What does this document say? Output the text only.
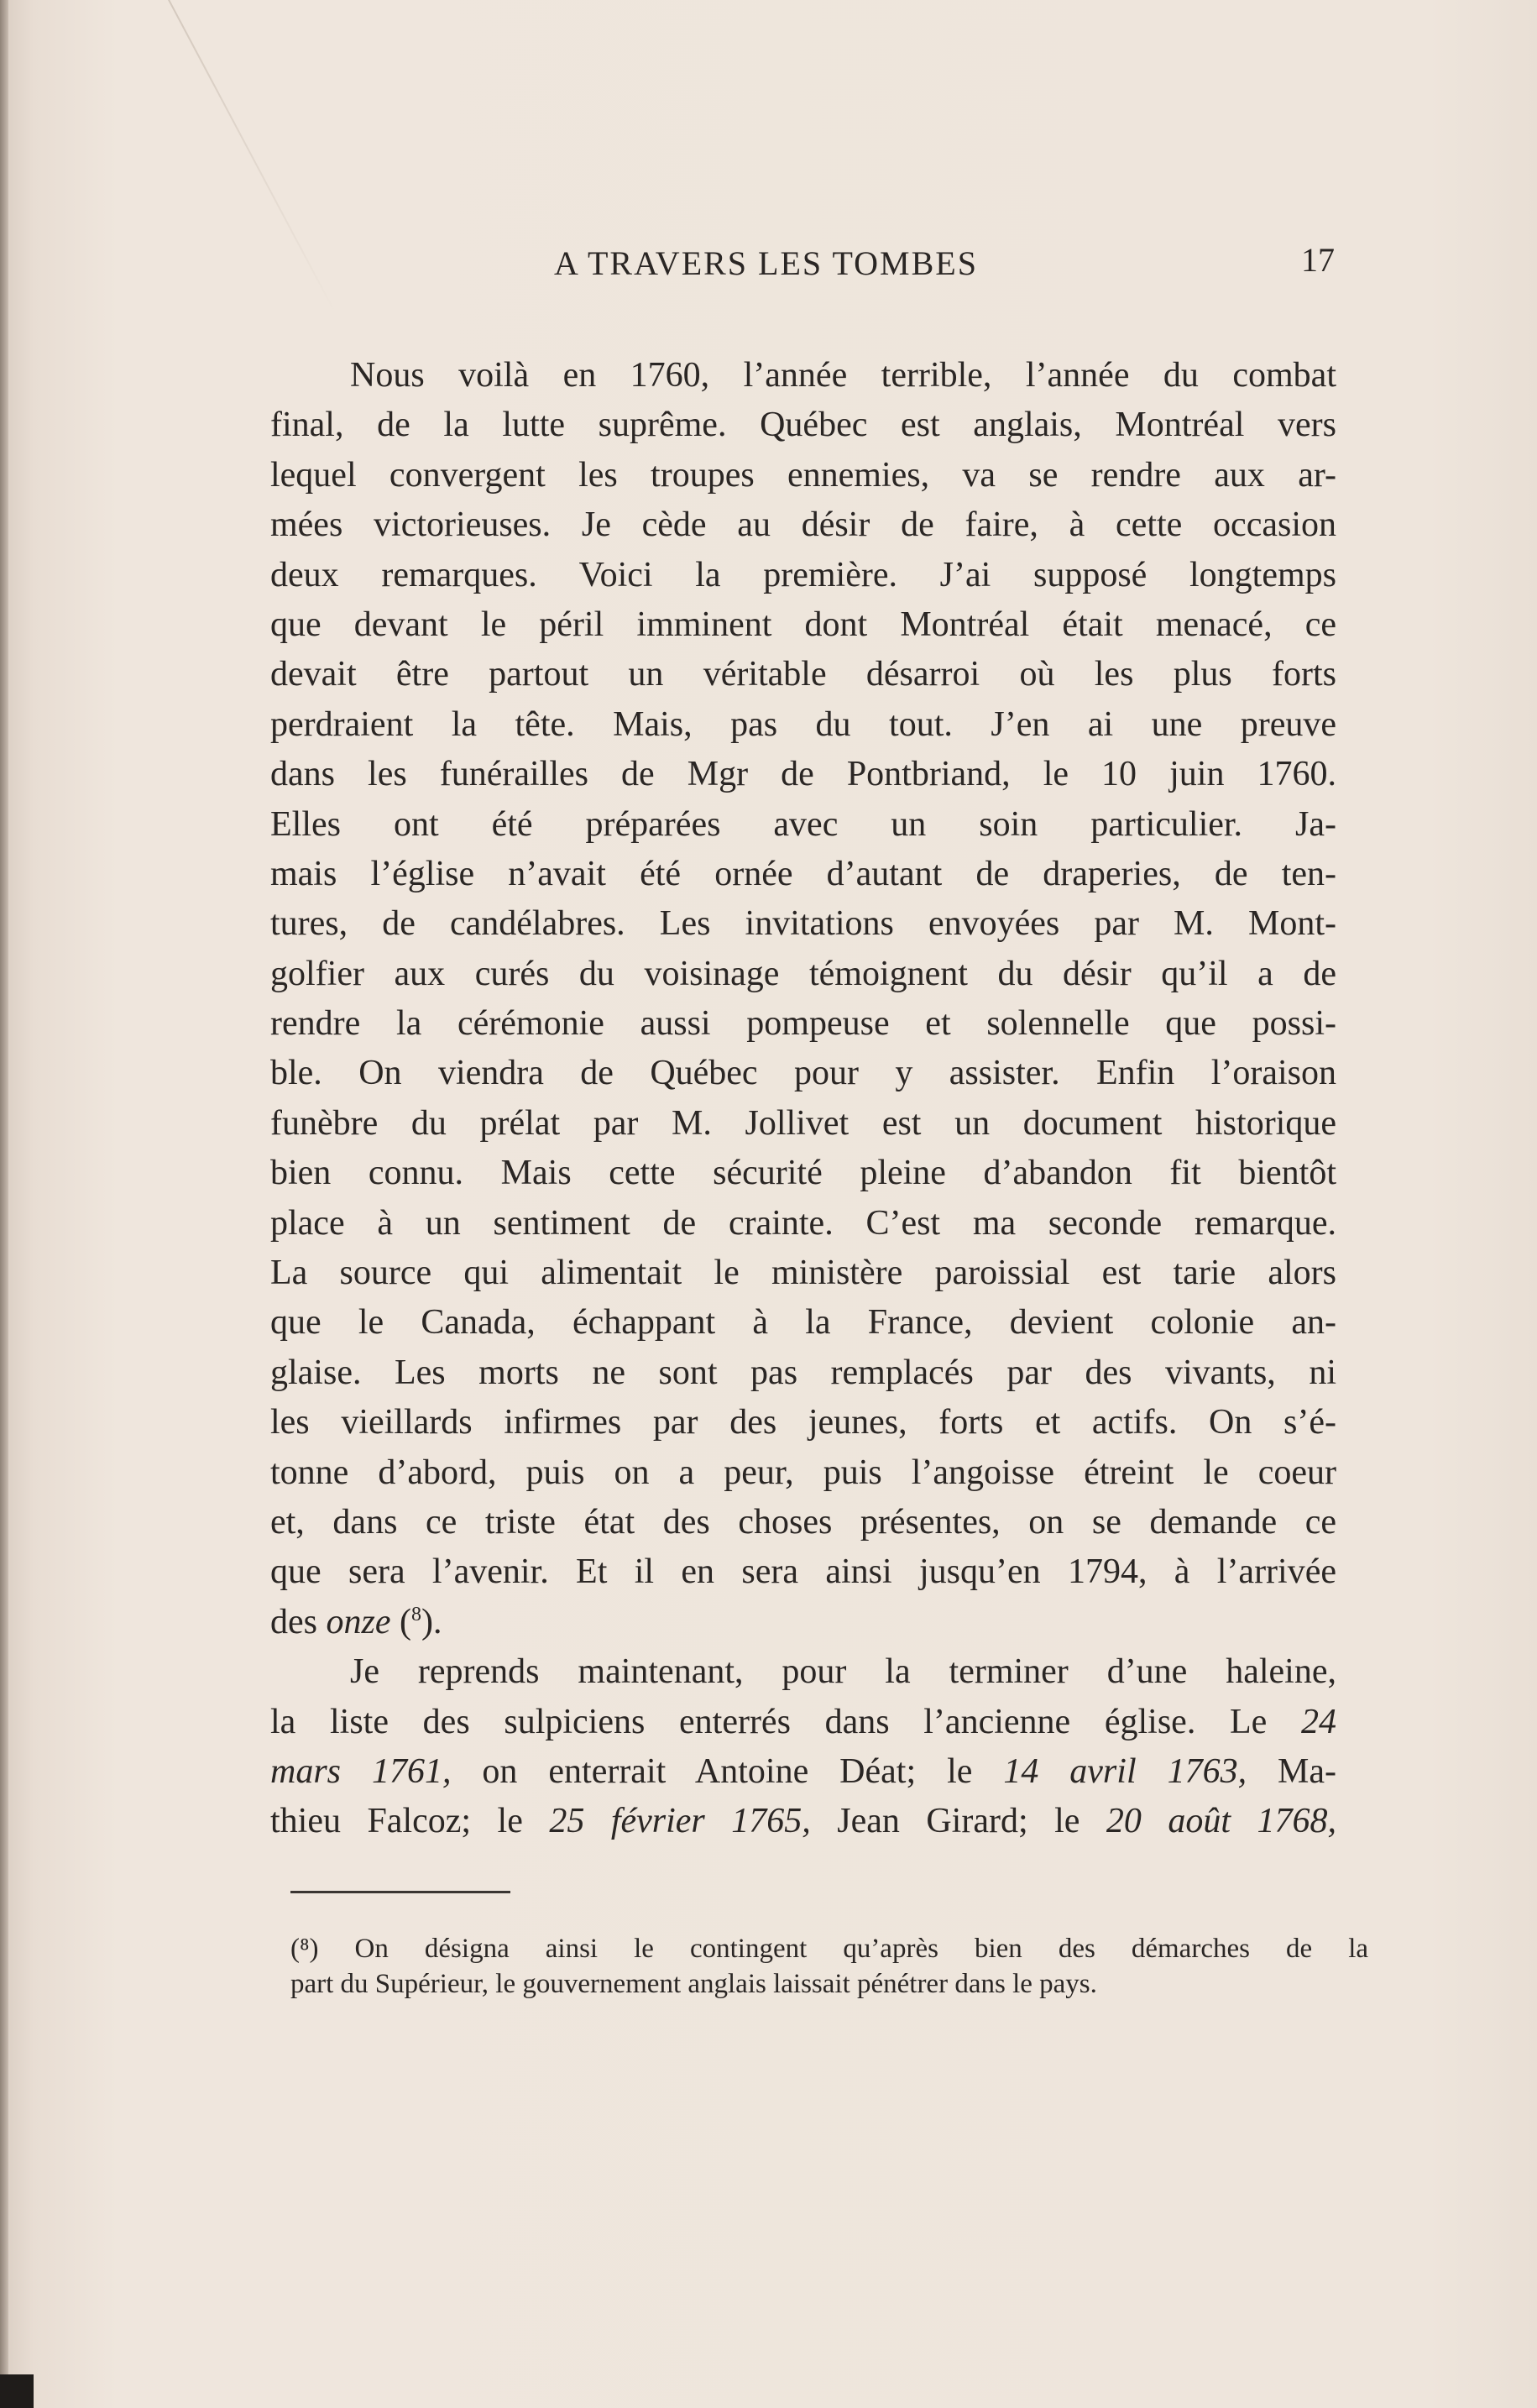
A TRAVERS LES TOMBES	17
Nous voilà en 1760, l’année terrible, l’année du combat
final, de la lutte suprême. Québec est anglais, Montréal vers
lequel convergent les troupes ennemies, va se rendre aux ar-
mées victorieuses. Je cède au désir de faire, à cette occasion
deux remarques. Voici la première. J’ai supposé longtemps
que devant le péril imminent dont Montréal était menacé, ce
devait être partout un véritable désarroi où les plus forts
perdraient la tête. Mais, pas du tout. J’en ai une preuve
dans les funérailles de Mgr de Pontbriand, le 10 juin 1760.
Elles ont été préparées avec un soin particulier. Ja-
mais l’église n’avait été ornée d’autant de draperies, de ten-
tures, de candélabres. Les invitations envoyées par M. Mont-
golfier aux curés du voisinage témoignent du désir qu’il a de
rendre la cérémonie aussi pompeuse et solennelle que possi-
ble. On viendra de Québec pour y assister. Enfin l’oraison
funèbre du prélat par M. Jollivet est un document historique
bien connu. Mais cette sécurité pleine d’abandon fit bientôt
place à un sentiment de crainte. C’est ma seconde remarque.
La source qui alimentait le ministère paroissial est tarie alors
que le Canada, échappant à la France, devient colonie an-
glaise. Les morts ne sont pas remplacés par des vivants, ni
les vieillards infirmes par des jeunes, forts et actifs. On s’é-
tonne d’abord, puis on a peur, puis l’angoisse étreint le coeur
et, dans ce triste état des choses présentes, on se demande ce
que sera l’avenir. Et il en sera ainsi jusqu’en 1794, à l’arrivée
des onze ($^8$).
Je reprends maintenant, pour la terminer d’une haleine,
la liste des sulpiciens enterrés dans l’ancienne église. Le 24
mars 1761, on enterrait Antoine Déat; le 14 avril 1763, Ma-
thieu Falcoz; le 25 février 1765, Jean Girard; le 20 août 1768,
(⁸) On désigna ainsi le contingent qu’après bien des démarches de la
part du Supérieur, le gouvernement anglais laissait pénétrer dans le pays.
